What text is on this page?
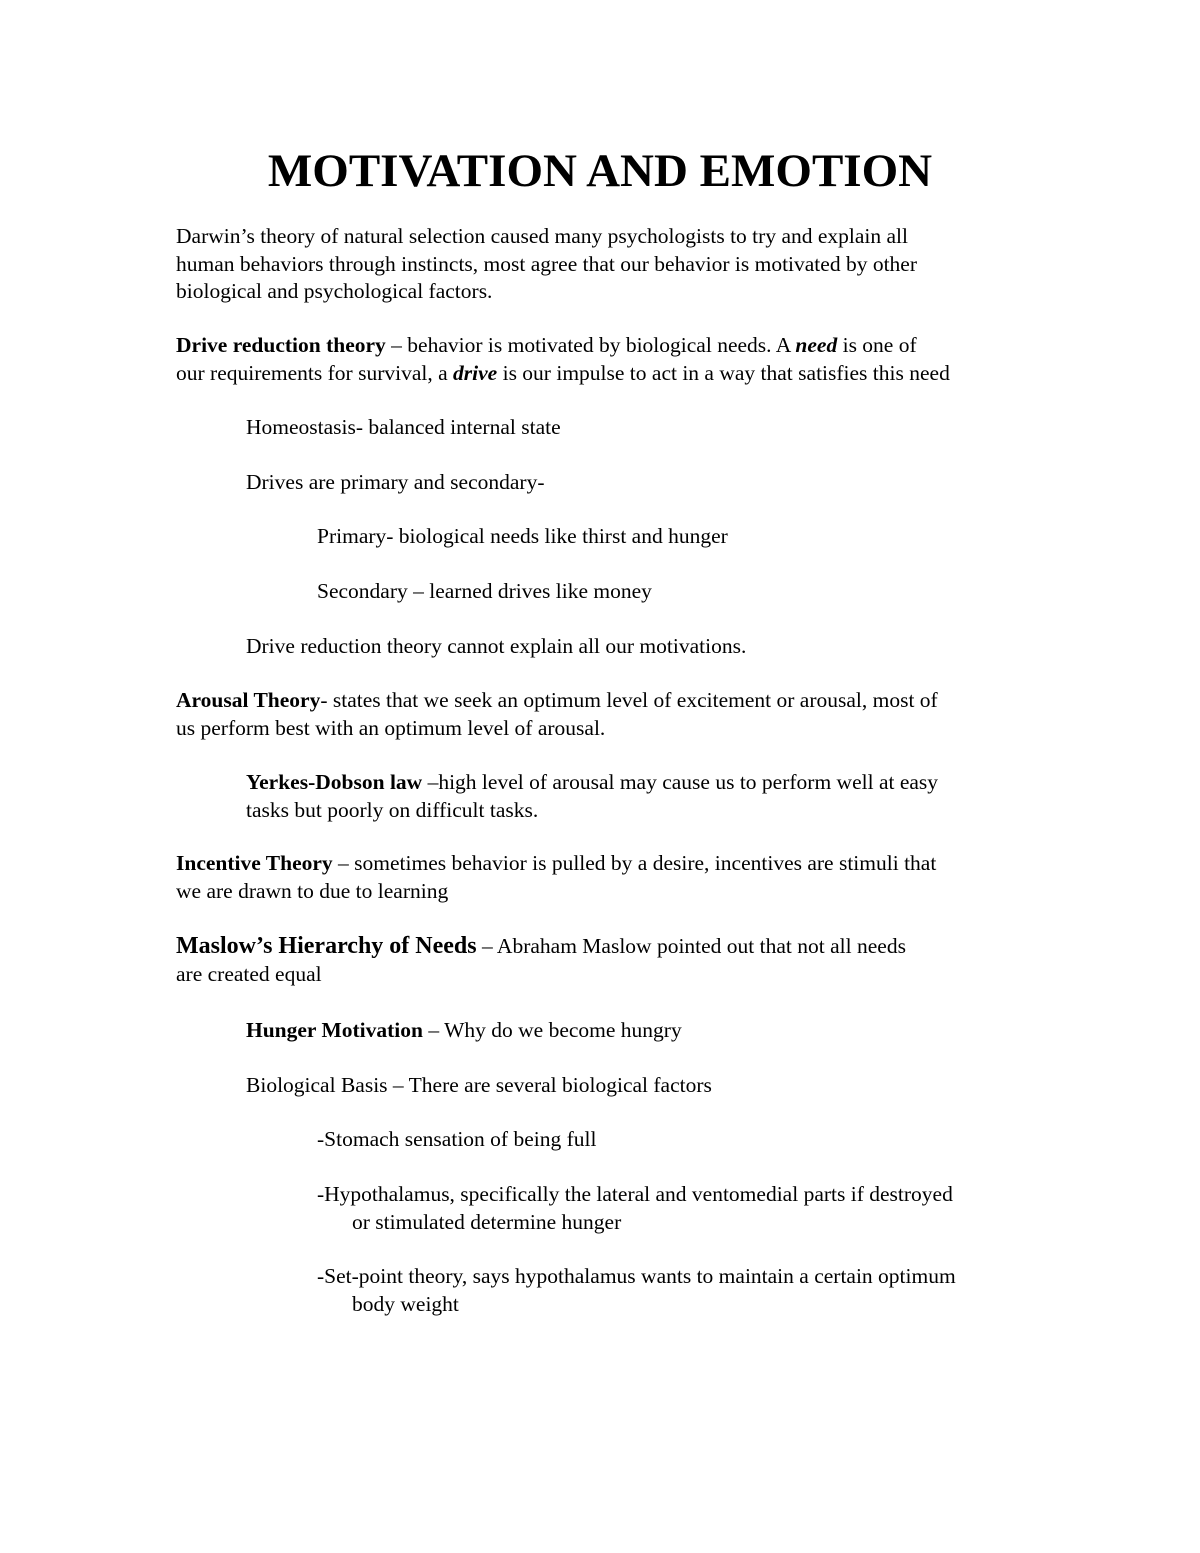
MOTIVATION AND EMOTION

Darwin’s theory of natural selection caused many psychologists to try and explain all
human behaviors through instincts, most agree that our behavior is motivated by other
biological and psychological factors.

Drive reduction theory – behavior is motivated by biological needs. A need is one of
our requirements for survival, a drive is our impulse to act in a way that satisfies this need

Homeostasis- balanced internal state

Drives are primary and secondary-

Primary- biological needs like thirst and hunger

Secondary – learned drives like money

Drive reduction theory cannot explain all our motivations.

Arousal Theory- states that we seek an optimum level of excitement or arousal, most of
us perform best with an optimum level of arousal.

Yerkes-Dobson law –high level of arousal may cause us to perform well at easy
tasks but poorly on difficult tasks.

Incentive Theory – sometimes behavior is pulled by a desire, incentives are stimuli that
we are drawn to due to learning

Maslow’s Hierarchy of Needs – Abraham Maslow pointed out that not all needs
are created equal

Hunger Motivation – Why do we become hungry

Biological Basis – There are several biological factors

-Stomach sensation of being full

-Hypothalamus, specifically the lateral and ventomedial parts if destroyed
or stimulated determine hunger

-Set-point theory, says hypothalamus wants to maintain a certain optimum
body weight
